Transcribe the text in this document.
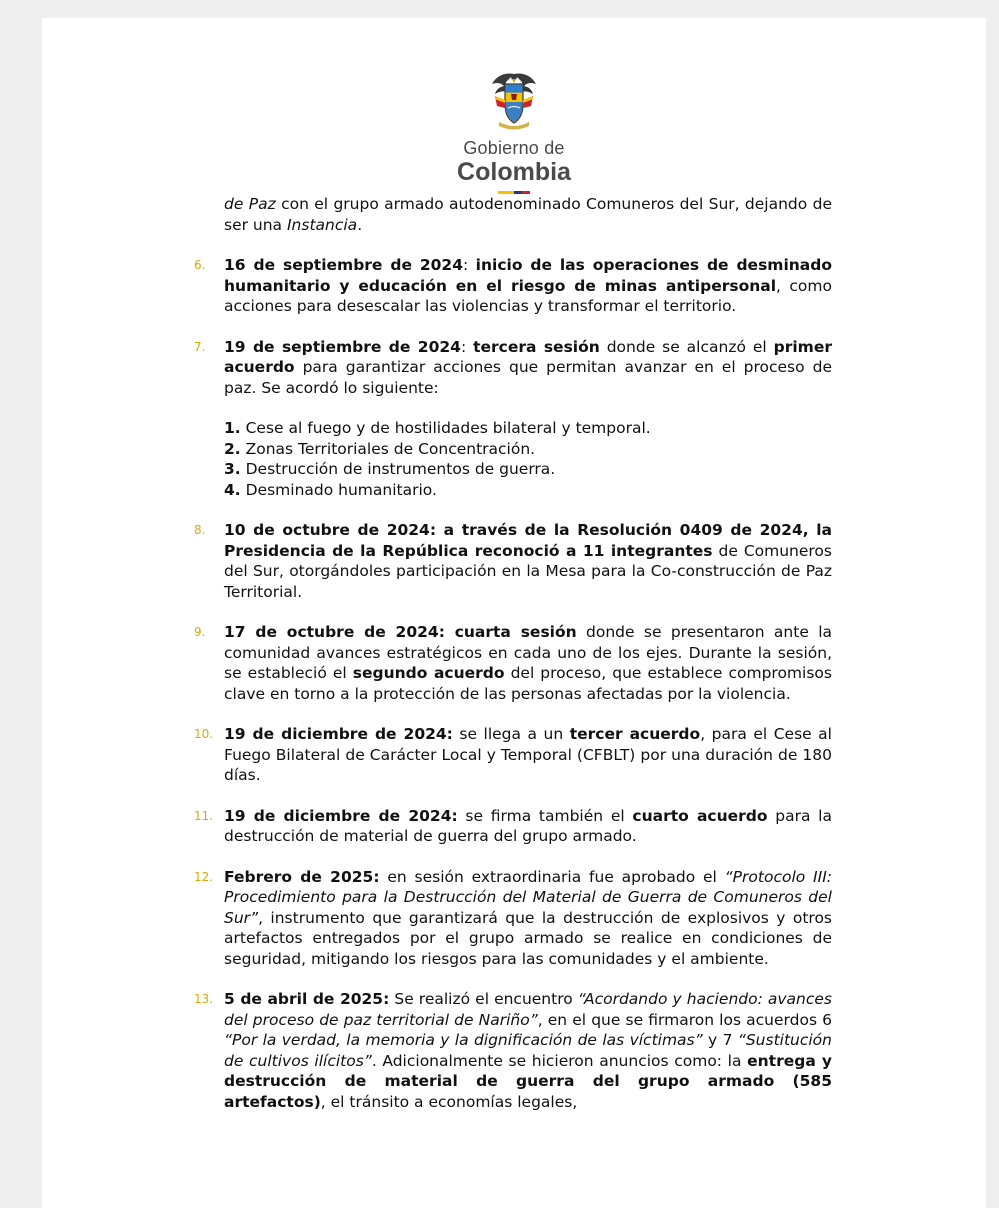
Gobierno de
Colombia

de Paz con el grupo armado autodenominado Comuneros del Sur, dejando de ser una Instancia.

6.	16 de septiembre de 2024: inicio de las operaciones de desminado humanitario y educación en el riesgo de minas antipersonal, como acciones para desescalar las violencias y transformar el territorio.
7.	19 de septiembre de 2024: tercera sesión donde se alcanzó el primer acuerdo para garantizar acciones que permitan avanzar en el proceso de paz. Se acordó lo siguiente:
1. Cese al fuego y de hostilidades bilateral y temporal.
2. Zonas Territoriales de Concentración.
3. Destrucción de instrumentos de guerra.
4. Desminado humanitario.
8.	10 de octubre de 2024: a través de la Resolución 0409 de 2024, la Presidencia de la República reconoció a 11 integrantes de Comuneros del Sur, otorgándoles participación en la Mesa para la Co-construcción de Paz Territorial.
9.	17 de octubre de 2024: cuarta sesión donde se presentaron ante la comunidad avances estratégicos en cada uno de los ejes. Durante la sesión, se estableció el segundo acuerdo del proceso, que establece compromisos clave en torno a la protección de las personas afectadas por la violencia.
10. 19 de diciembre de 2024: se llega a un tercer acuerdo, para el Cese al Fuego Bilateral de Carácter Local y Temporal (CFBLT) por una duración de 180 días.
11. 19 de diciembre de 2024: se firma también el cuarto acuerdo para la destrucción de material de guerra del grupo armado.
12. Febrero de 2025: en sesión extraordinaria fue aprobado el “Protocolo III: Procedimiento para la Destrucción del Material de Guerra de Comuneros del Sur”, instrumento que garantizará que la destrucción de explosivos y otros artefactos entregados por el grupo armado se realice en condiciones de seguridad, mitigando los riesgos para las comunidades y el ambiente.
13. 5 de abril de 2025: Se realizó el encuentro “Acordando y haciendo: avances del proceso de paz territorial de Nariño”, en el que se firmaron los acuerdos 6 “Por la verdad, la memoria y la dignificación de las víctimas” y 7 “Sustitución de cultivos ilícitos”. Adicionalmente se hicieron anuncios como: la entrega y destrucción de material de guerra del grupo armado (585 artefactos), el tránsito a economías legales,
